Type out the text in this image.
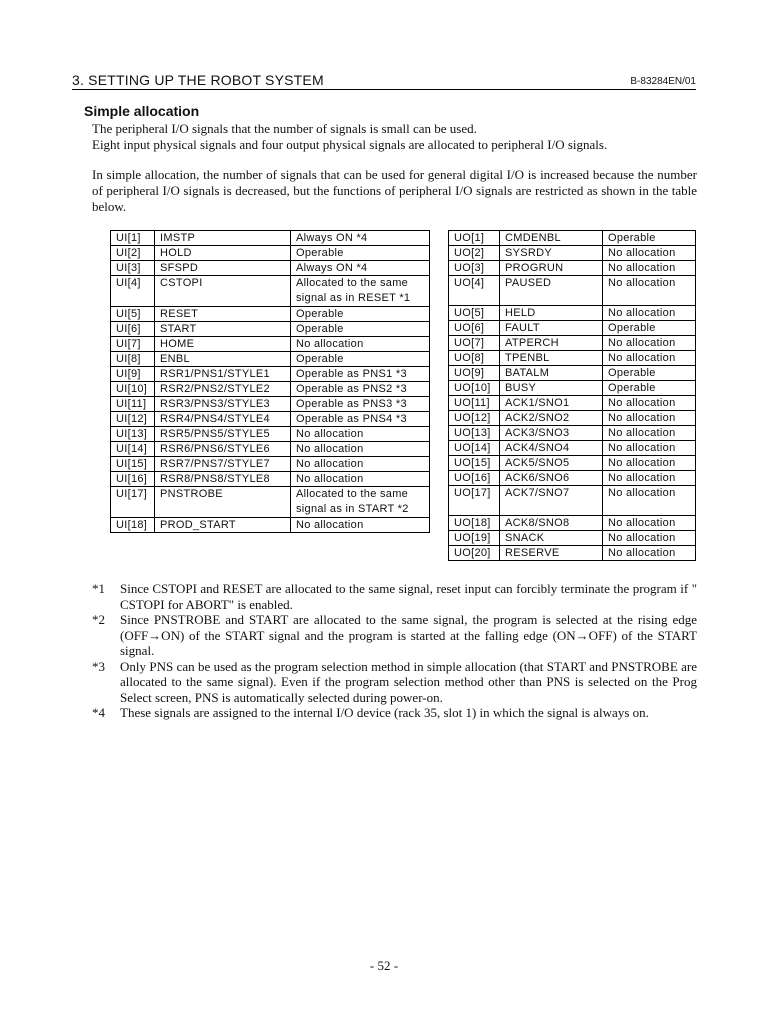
3. SETTING UP THE ROBOT SYSTEM	B-83284EN/01
Simple allocation
The peripheral I/O signals that the number of signals is small can be used.
Eight input physical signals and four output physical signals are allocated to peripheral I/O signals.
In simple allocation, the number of signals that can be used for general digital I/O is increased because the number of peripheral I/O signals is decreased, but the functions of peripheral I/O signals are restricted as shown in the table below.
UI[1]	IMSTP	Always ON *4
UI[2]	HOLD	Operable
UI[3]	SFSPD	Always ON *4
UI[4]	CSTOPI	Allocated to the same signal as in RESET *1
UI[5]	RESET	Operable
UI[6]	START	Operable
UI[7]	HOME	No allocation
UI[8]	ENBL	Operable
UI[9]	RSR1/PNS1/STYLE1	Operable as PNS1 *3
UI[10]	RSR2/PNS2/STYLE2	Operable as PNS2 *3
UI[11]	RSR3/PNS3/STYLE3	Operable as PNS3 *3
UI[12]	RSR4/PNS4/STYLE4	Operable as PNS4 *3
UI[13]	RSR5/PNS5/STYLE5	No allocation
UI[14]	RSR6/PNS6/STYLE6	No allocation
UI[15]	RSR7/PNS7/STYLE7	No allocation
UI[16]	RSR8/PNS8/STYLE8	No allocation
UI[17]	PNSTROBE	Allocated to the same signal as in START *2
UI[18]	PROD_START	No allocation
UO[1]	CMDENBL	Operable
UO[2]	SYSRDY	No allocation
UO[3]	PROGRUN	No allocation
UO[4]	PAUSED	No allocation
UO[5]	HELD	No allocation
UO[6]	FAULT	Operable
UO[7]	ATPERCH	No allocation
UO[8]	TPENBL	No allocation
UO[9]	BATALM	Operable
UO[10]	BUSY	Operable
UO[11]	ACK1/SNO1	No allocation
UO[12]	ACK2/SNO2	No allocation
UO[13]	ACK3/SNO3	No allocation
UO[14]	ACK4/SNO4	No allocation
UO[15]	ACK5/SNO5	No allocation
UO[16]	ACK6/SNO6	No allocation
UO[17]	ACK7/SNO7	No allocation
UO[18]	ACK8/SNO8	No allocation
UO[19]	SNACK	No allocation
UO[20]	RESERVE	No allocation
*1	Since CSTOPI and RESET are allocated to the same signal, reset input can forcibly terminate the program if " CSTOPI for ABORT" is enabled.
*2	Since PNSTROBE and START are allocated to the same signal, the program is selected at the rising edge (OFF→ON) of the START signal and the program is started at the falling edge (ON→OFF) of the START signal.
*3	Only PNS can be used as the program selection method in simple allocation (that START and PNSTROBE are allocated to the same signal). Even if the program selection method other than PNS is selected on the Prog Select screen, PNS is automatically selected during power-on.
*4	These signals are assigned to the internal I/O device (rack 35, slot 1) in which the signal is always on.
- 52 -
